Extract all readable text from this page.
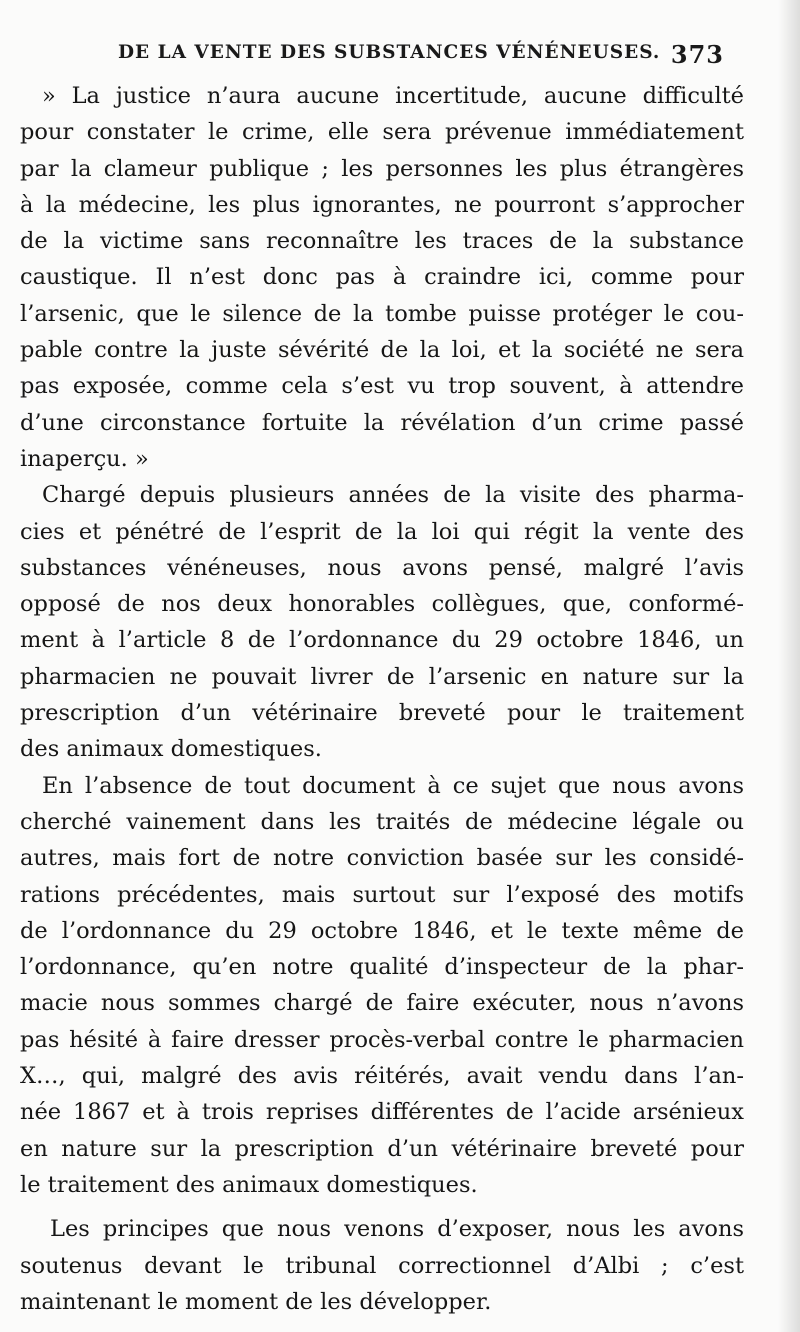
DE LA VENTE DES SUBSTANCES VÉNÉNEUSES. 373
» La justice n’aura aucune incertitude, aucune difficulté
pour constater le crime, elle sera prévenue immédiatement
par la clameur publique ; les personnes les plus étrangères
à la médecine, les plus ignorantes, ne pourront s’approcher
de la victime sans reconnaître les traces de la substance
caustique. Il n’est donc pas à craindre ici, comme pour
l’arsenic, que le silence de la tombe puisse protéger le cou-
pable contre la juste sévérité de la loi, et la société ne sera
pas exposée, comme cela s’est vu trop souvent, à attendre
d’une circonstance fortuite la révélation d’un crime passé
inaperçu. »
Chargé depuis plusieurs années de la visite des pharma-
cies et pénétré de l’esprit de la loi qui régit la vente des
substances vénéneuses, nous avons pensé, malgré l’avis
opposé de nos deux honorables collègues, que, conformé-
ment à l’article 8 de l’ordonnance du 29 octobre 1846, un
pharmacien ne pouvait livrer de l’arsenic en nature sur la
prescription d’un vétérinaire breveté pour le traitement
des animaux domestiques.
En l’absence de tout document à ce sujet que nous avons
cherché vainement dans les traités de médecine légale ou
autres, mais fort de notre conviction basée sur les considé-
rations précédentes, mais surtout sur l’exposé des motifs
de l’ordonnance du 29 octobre 1846, et le texte même de
l’ordonnance, qu’en notre qualité d’inspecteur de la phar-
macie nous sommes chargé de faire exécuter, nous n’avons
pas hésité à faire dresser procès-verbal contre le pharmacien
X…, qui, malgré des avis réitérés, avait vendu dans l’an-
née 1867 et à trois reprises différentes de l’acide arsénieux
en nature sur la prescription d’un vétérinaire breveté pour
le traitement des animaux domestiques.
Les principes que nous venons d’exposer, nous les avons
soutenus devant le tribunal correctionnel d’Albi ; c’est
maintenant le moment de les développer.
